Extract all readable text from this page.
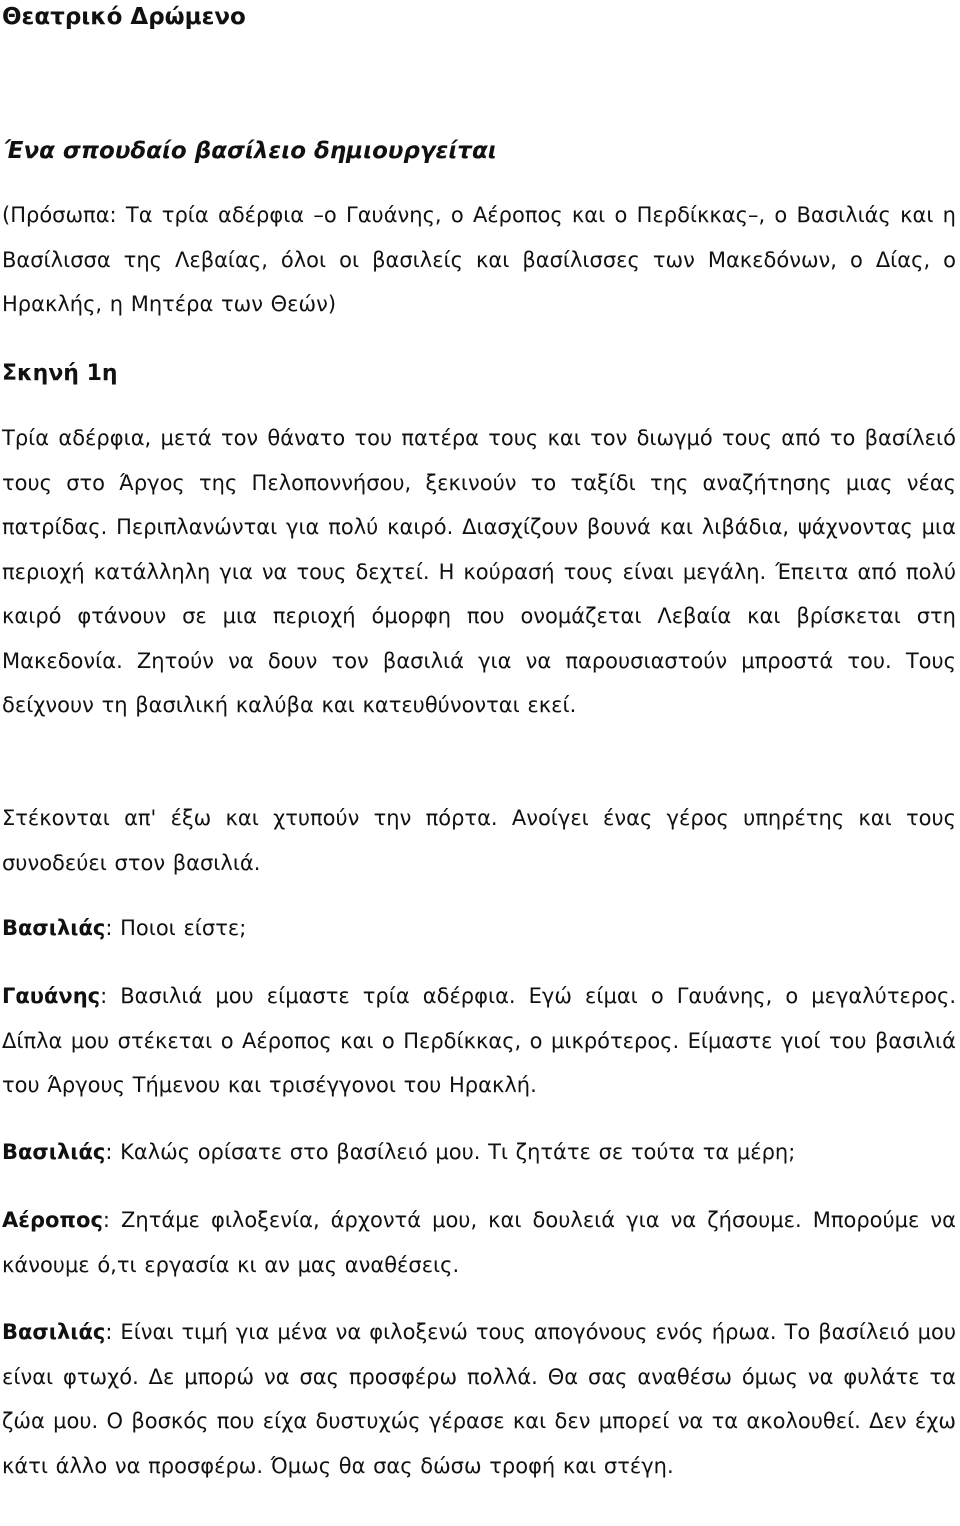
Θεατρικό Δρώμενο
Ένα σπουδαίο βασίλειο δημιουργείται

(Πρόσωπα: Τα τρία αδέρφια –ο Γαυάνης, ο Αέροπος και ο Περδίκκας–, ο Βασιλιάς και η Βασίλισσα της Λεβαίας, όλοι οι βασιλείς και βασίλισσες των Μακεδόνων, ο Δίας, ο Ηρακλής, η Μητέρα των Θεών)

Σκηνή 1η

Τρία αδέρφια, μετά τον θάνατο του πατέρα τους και τον διωγμό τους από το βασίλειό τους στο Άργος της Πελοποννήσου, ξεκινούν το ταξίδι της αναζήτησης μιας νέας πατρίδας. Περιπλανώνται για πολύ καιρό. Διασχίζουν βουνά και λιβάδια, ψάχνοντας μια περιοχή κατάλληλη για να τους δεχτεί. Η κούρασή τους είναι μεγάλη. Έπειτα από πολύ καιρό φτάνουν σε μια περιοχή όμορφη που ονομάζεται Λεβαία και βρίσκεται στη Μακεδονία. Ζητούν να δουν τον βασιλιά για να παρουσιαστούν μπροστά του. Τους δείχνουν τη βασιλική καλύβα και κατευθύνονται εκεί.

Στέκονται απ' έξω και χτυπούν την πόρτα. Ανοίγει ένας γέρος υπηρέτης και τους συνοδεύει στον βασιλιά.

Βασιλιάς: Ποιοι είστε;

Γαυάνης: Βασιλιά μου είμαστε τρία αδέρφια. Εγώ είμαι ο Γαυάνης, ο μεγαλύτερος. Δίπλα μου στέκεται ο Αέροπος και ο Περδίκκας, ο μικρότερος. Είμαστε γιοί του βασιλιά του Άργους Τήμενου και τρισέγγονοι του Ηρακλή.

Βασιλιάς: Καλώς ορίσατε στο βασίλειό μου. Τι ζητάτε σε τούτα τα μέρη;

Αέροπος: Ζητάμε φιλοξενία, άρχοντά μου, και δουλειά για να ζήσουμε. Μπορούμε να κάνουμε ό,τι εργασία κι αν μας αναθέσεις.

Βασιλιάς: Είναι τιμή για μένα να φιλοξενώ τους απογόνους ενός ήρωα. Το βασίλειό μου είναι φτωχό. Δε μπορώ να σας προσφέρω πολλά. Θα σας αναθέσω όμως να φυλάτε τα ζώα μου. Ο βοσκός που είχα δυστυχώς γέρασε και δεν μπορεί να τα ακολουθεί. Δεν έχω κάτι άλλο να προσφέρω. Όμως θα σας δώσω τροφή και στέγη.
